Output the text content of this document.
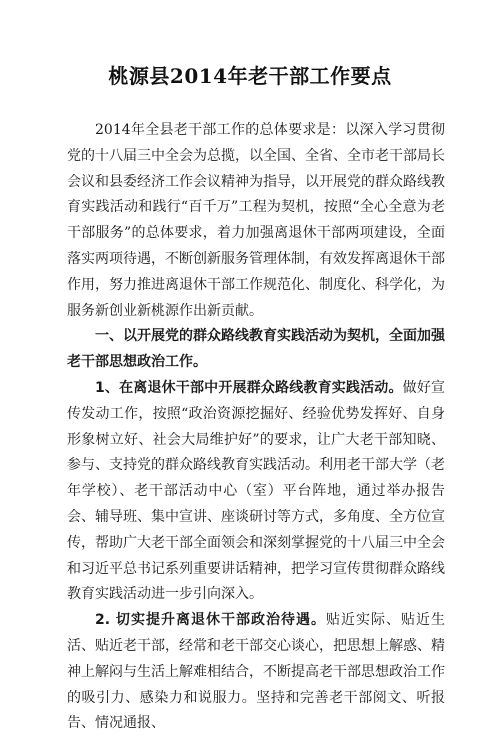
桃源县2014年老干部工作要点

2014年全县老干部工作的总体要求是：以深入学习贯彻党的十八届三中全会为总揽，以全国、全省、全市老干部局长会议和县委经济工作会议精神为指导，以开展党的群众路线教育实践活动和践行“百千万”工程为契机，按照“全心全意为老干部服务”的总体要求，着力加强离退休干部两项建设，全面落实两项待遇，不断创新服务管理体制，有效发挥离退休干部作用，努力推进离退休干部工作规范化、制度化、科学化，为服务新创业新桃源作出新贡献。

一、以开展党的群众路线教育实践活动为契机，全面加强老干部思想政治工作。

1、在离退休干部中开展群众路线教育实践活动。做好宣传发动工作，按照“政治资源挖掘好、经验优势发挥好、自身形象树立好、社会大局维护好”的要求，让广大老干部知晓、参与、支持党的群众路线教育实践活动。利用老干部大学（老年学校）、老干部活动中心（室）平台阵地，通过举办报告会、辅导班、集中宣讲、座谈研讨等方式，多角度、全方位宣传，帮助广大老干部全面领会和深刻掌握党的十八届三中全会和习近平总书记系列重要讲话精神，把学习宣传贯彻群众路线教育实践活动进一步引向深入。

2. 切实提升离退休干部政治待遇。贴近实际、贴近生活、贴近老干部，经常和老干部交心谈心，把思想上解惑、精神上解闷与生活上解难相结合，不断提高老干部思想政治工作的吸引力、感染力和说服力。坚持和完善老干部阅文、听报告、情况通报、
